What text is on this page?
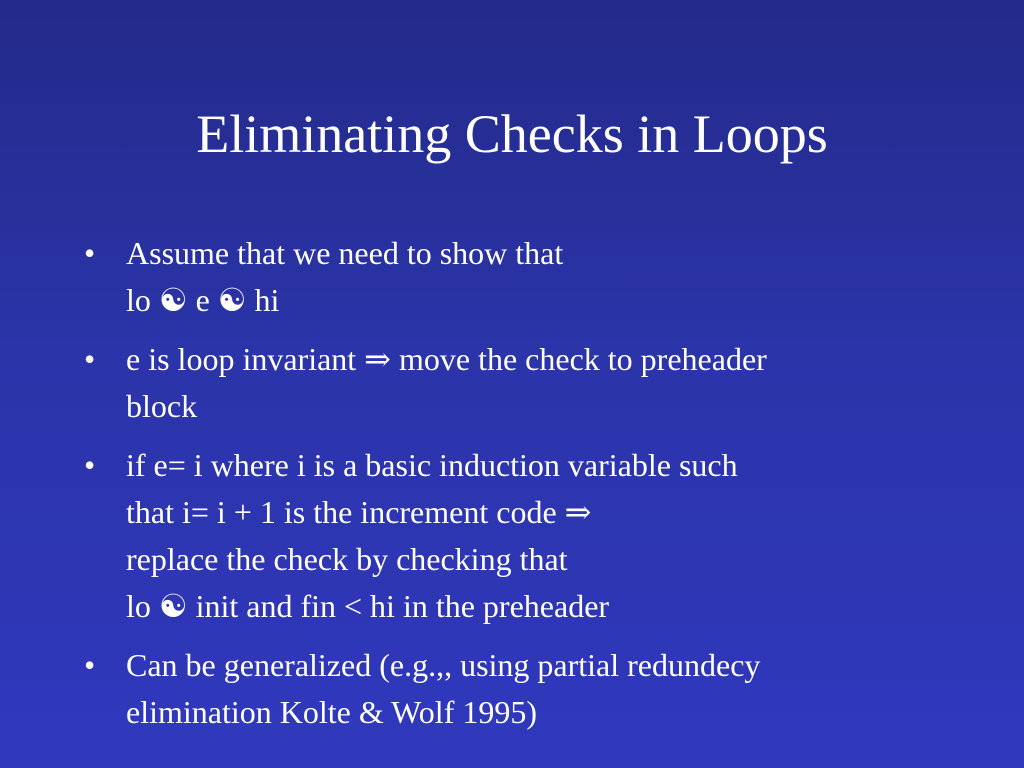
Eliminating Checks in Loops
• Assume that we need to show that
lo ☯ e ☯ hi
• e is loop invariant ⇒ move the check to preheader
block
• if e= i where i is a basic induction variable such
that i= i + 1 is the increment code ⇒
replace the check by checking that
lo ☯ init and fin < hi in the preheader
• Can be generalized (e.g.,, using partial redundecy
elimination Kolte & Wolf 1995)
